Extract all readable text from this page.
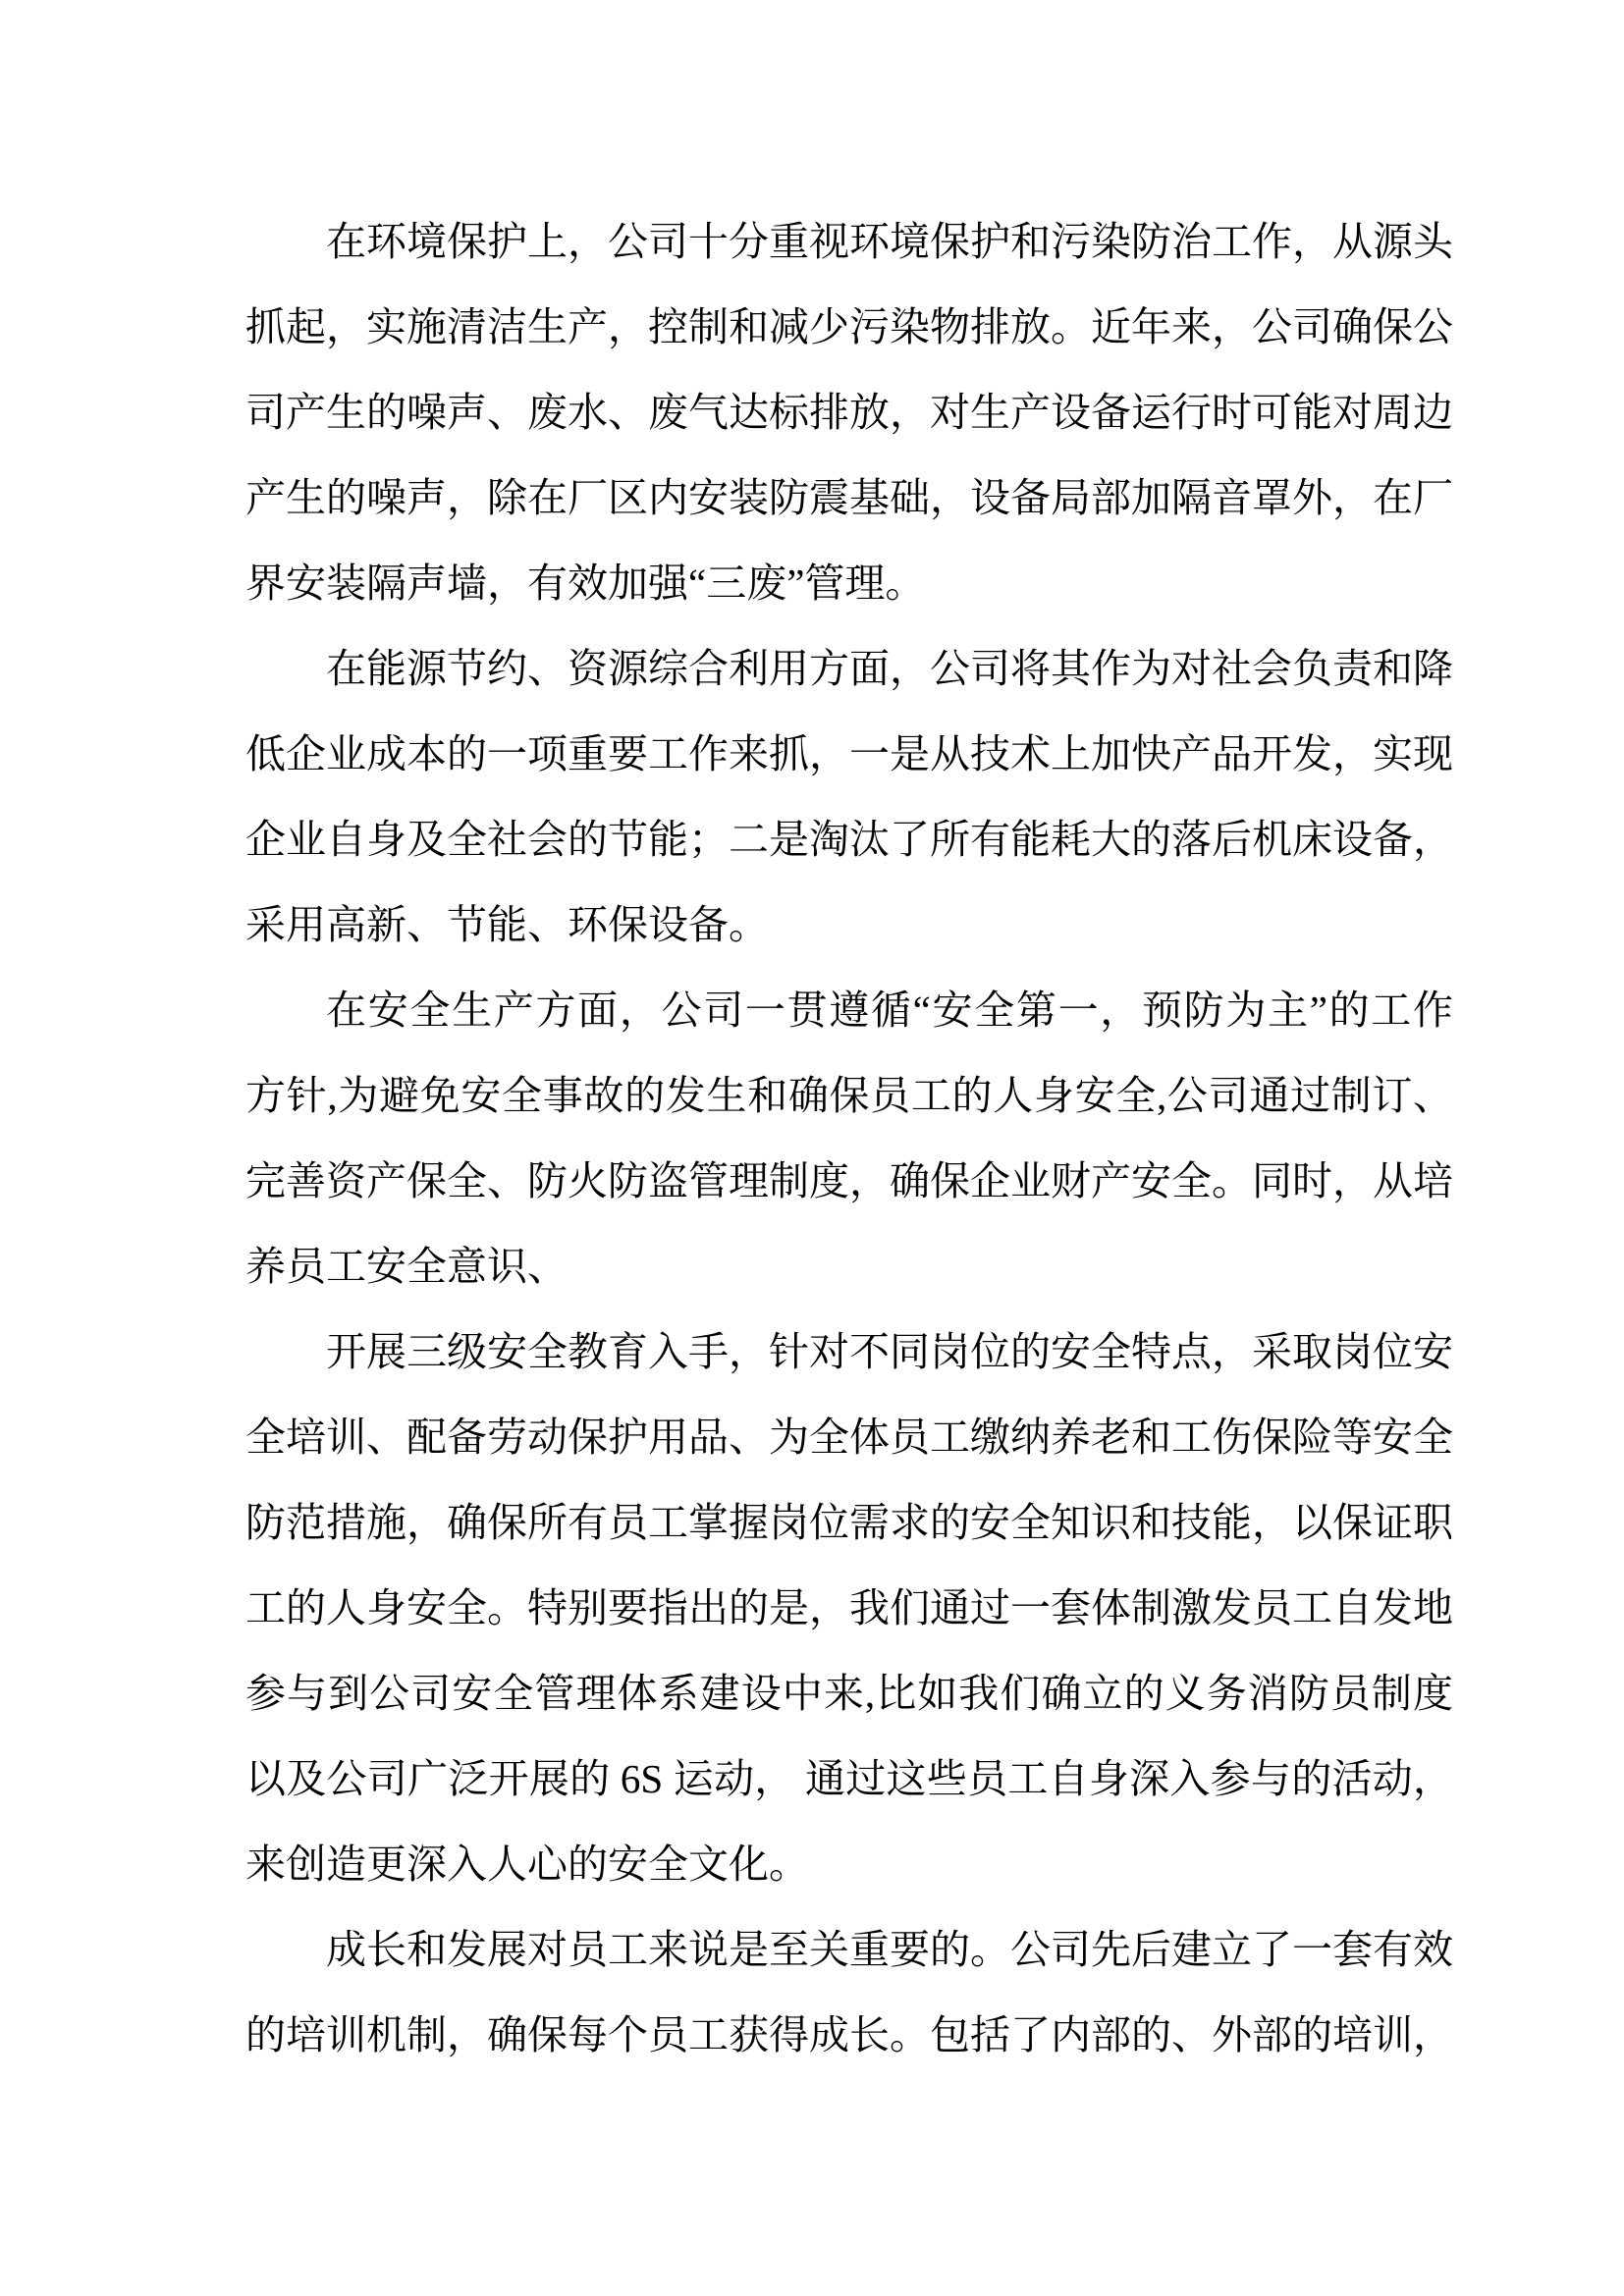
在环境保护上，公司十分重视环境保护和污染防治工作，从源头
抓起，实施清洁生产，控制和减少污染物排放。近年来，公司确保公
司产生的噪声、废水、废气达标排放，对生产设备运行时可能对周边
产生的噪声，除在厂区内安装防震基础，设备局部加隔音罩外，在厂
界安装隔声墙，有效加强“三废”管理。
在能源节约、资源综合利用方面，公司将其作为对社会负责和降
低企业成本的一项重要工作来抓，一是从技术上加快产品开发，实现
企业自身及全社会的节能；二是淘汰了所有能耗大的落后机床设备，
采用高新、节能、环保设备。
在安全生产方面，公司一贯遵循“安全第一，预防为主”的工作
方针,为避免安全事故的发生和确保员工的人身安全,公司通过制订、
完善资产保全、防火防盗管理制度，确保企业财产安全。同时，从培
养员工安全意识、
开展三级安全教育入手，针对不同岗位的安全特点，采取岗位安
全培训、配备劳动保护用品、为全体员工缴纳养老和工伤保险等安全
防范措施，确保所有员工掌握岗位需求的安全知识和技能，以保证职
工的人身安全。特别要指出的是，我们通过一套体制激发员工自发地
参与到公司安全管理体系建设中来,比如我们确立的义务消防员制度
以及公司广泛开展的 6S 运动， 通过这些员工自身深入参与的活动，
来创造更深入人心的安全文化。
成长和发展对员工来说是至关重要的。公司先后建立了一套有效
的培训机制，确保每个员工获得成长。包括了内部的、外部的培训，
